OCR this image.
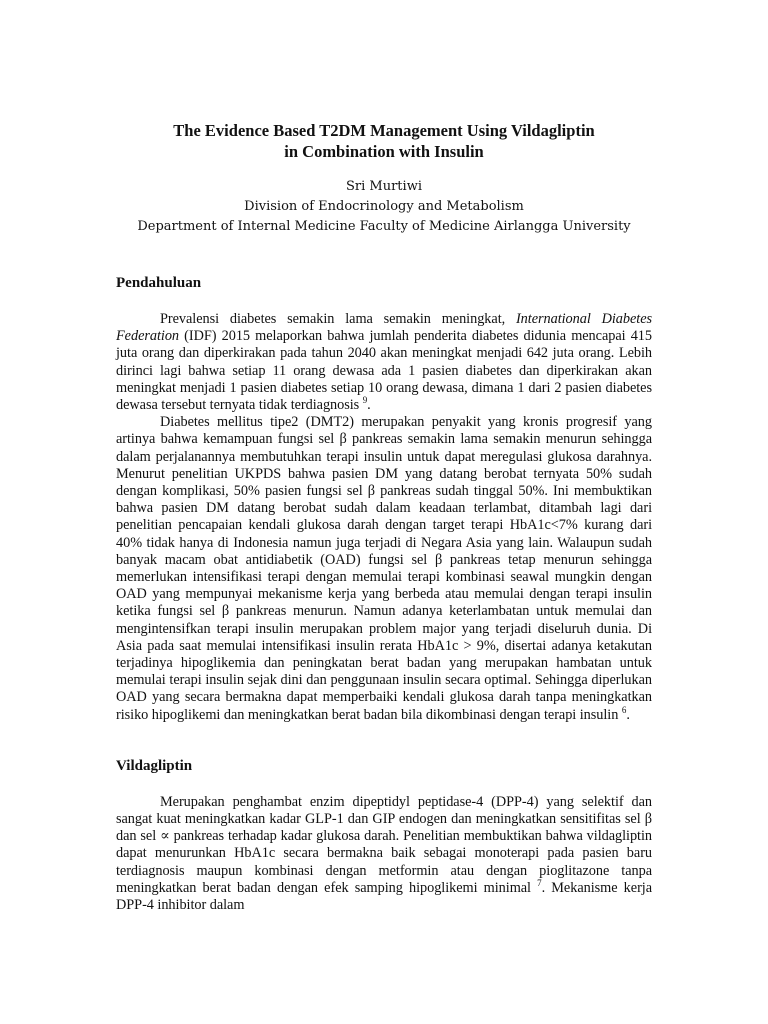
The Evidence Based T2DM Management Using Vildagliptin
in Combination with Insulin
Sri Murtiwi
Division of Endocrinology and Metabolism
Department of Internal Medicine Faculty of Medicine Airlangga University
Pendahuluan

Prevalensi diabetes semakin lama semakin meningkat, International Diabetes Federation (IDF) 2015 melaporkan bahwa jumlah penderita diabetes didunia mencapai 415 juta orang dan diperkirakan pada tahun 2040 akan meningkat menjadi 642 juta orang. Lebih dirinci lagi bahwa setiap 11 orang dewasa ada 1 pasien diabetes dan diperkirakan akan meningkat menjadi 1 pasien diabetes setiap 10 orang dewasa, dimana 1 dari 2 pasien diabetes dewasa tersebut ternyata tidak terdiagnosis $^9$.

Diabetes mellitus tipe2 (DMT2) merupakan penyakit yang kronis progresif yang artinya bahwa kemampuan fungsi sel β pankreas semakin lama semakin menurun sehingga dalam perjalanannya membutuhkan terapi insulin untuk dapat meregulasi glukosa darahnya. Menurut penelitian UKPDS bahwa pasien DM yang datang berobat ternyata 50% sudah dengan komplikasi, 50% pasien fungsi sel β pankreas sudah tinggal 50%. Ini membuktikan bahwa pasien DM datang berobat sudah dalam keadaan terlambat, ditambah lagi dari penelitian pencapaian kendali glukosa darah dengan target terapi HbA1c<7% kurang dari 40% tidak hanya di Indonesia namun juga terjadi di Negara Asia yang lain. Walaupun sudah banyak macam obat antidiabetik (OAD) fungsi sel β pankreas tetap menurun sehingga memerlukan intensifikasi terapi dengan memulai terapi kombinasi seawal mungkin dengan OAD yang mempunyai mekanisme kerja yang berbeda atau memulai dengan terapi insulin ketika fungsi sel β pankreas menurun. Namun adanya keterlambatan untuk memulai dan mengintensifkan terapi insulin merupakan problem major yang terjadi diseluruh dunia. Di Asia pada saat memulai intensifikasi insulin rerata HbA1c > 9%, disertai adanya ketakutan terjadinya hipoglikemia dan peningkatan berat badan yang merupakan hambatan untuk memulai terapi insulin sejak dini dan penggunaan insulin secara optimal. Sehingga diperlukan OAD yang secara bermakna dapat memperbaiki kendali glukosa darah tanpa meningkatkan risiko hipoglikemi dan meningkatkan berat badan bila dikombinasi dengan terapi insulin $^6$.

Vildagliptin

Merupakan penghambat enzim dipeptidyl peptidase-4 (DPP-4) yang selektif dan sangat kuat meningkatkan kadar GLP-1 dan GIP endogen dan meningkatkan sensitifitas sel β dan sel ∝ pankreas terhadap kadar glukosa darah. Penelitian membuktikan bahwa vildagliptin dapat menurunkan HbA1c secara bermakna baik sebagai monoterapi pada pasien baru terdiagnosis maupun kombinasi dengan metformin atau dengan pioglitazone tanpa meningkatkan berat badan dengan efek samping hipoglikemi minimal $^7$. Mekanisme kerja DPP-4 inhibitor dalam
